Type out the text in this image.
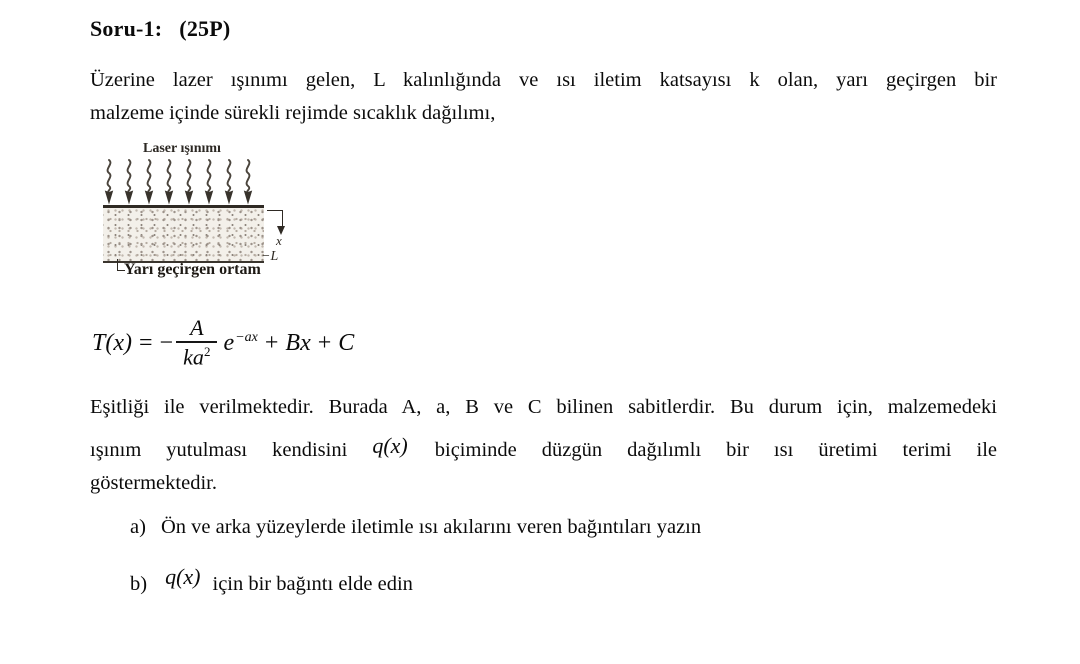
Soru-1: (25P)
Üzerine lazer ışınımı gelen, L kalınlığında ve ısı iletim katsayısı k olan, yarı geçirgen bir
malzeme içinde sürekli rejimde sıcaklık dağılımı,
Laser ışınımı
x
−L
Yarı geçirgen ortam
T(x) = − $\frac{A}{ka^2} e^{-ax} + Bx + C$
Eşitliği ile verilmektedir. Burada A, a, B ve C bilinen sabitlerdir. Bu durum için, malzemedeki
ışınım yutulması kendisini q(x) biçiminde düzgün dağılımlı bir ısı üretimi terimi ile
göstermektedir.
a) Ön ve arka yüzeylerde iletimle ısı akılarını veren bağıntıları yazın
b) q(x) için bir bağıntı elde edin
